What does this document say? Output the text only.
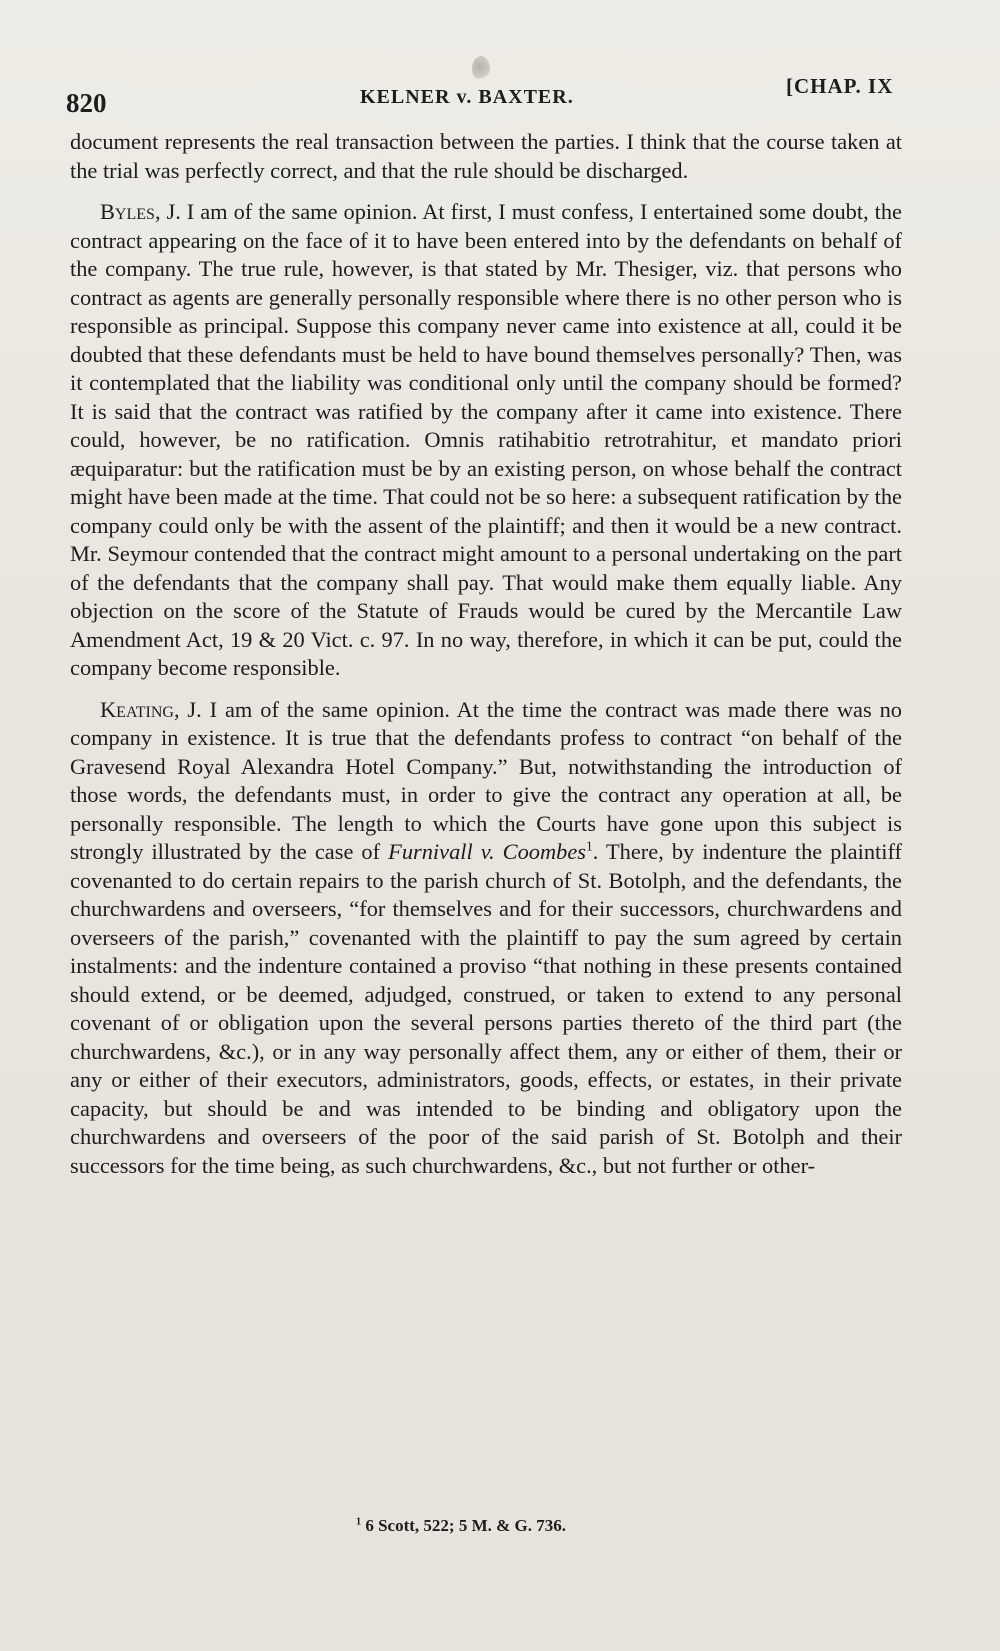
820	KELNER v. BAXTER.	[CHAP. IX

document represents the real transaction between the parties. I think that the course taken at the trial was perfectly correct, and that the rule should be discharged.

Byles, J. I am of the same opinion. At first, I must confess, I entertained some doubt, the contract appearing on the face of it to have been entered into by the defendants on behalf of the company. The true rule, however, is that stated by Mr. Thesiger, viz. that persons who contract as agents are generally personally responsible where there is no other person who is responsible as principal. Suppose this company never came into existence at all, could it be doubted that these defendants must be held to have bound themselves personally? Then, was it contemplated that the liability was conditional only until the company should be formed? It is said that the contract was ratified by the company after it came into existence. There could, however, be no ratification. Omnis ratihabitio retrotrahitur, et mandato priori æquiparatur: but the ratification must be by an existing person, on whose behalf the contract might have been made at the time. That could not be so here: a subsequent ratification by the company could only be with the assent of the plaintiff; and then it would be a new contract. Mr. Seymour contended that the contract might amount to a personal undertaking on the part of the defendants that the company shall pay. That would make them equally liable. Any objection on the score of the Statute of Frauds would be cured by the Mercantile Law Amendment Act, 19 & 20 Vict. c. 97. In no way, therefore, in which it can be put, could the company become responsible.

Keating, J. I am of the same opinion. At the time the contract was made there was no company in existence. It is true that the defendants profess to contract “on behalf of the Gravesend Royal Alexandra Hotel Company.” But, notwithstanding the introduction of those words, the defendants must, in order to give the contract any operation at all, be personally responsible. The length to which the Courts have gone upon this subject is strongly illustrated by the case of Furnivall v. Coombes$^1$. There, by indenture the plaintiff covenanted to do certain repairs to the parish church of St. Botolph, and the defendants, the churchwardens and overseers, “for themselves and for their successors, churchwardens and overseers of the parish,” covenanted with the plaintiff to pay the sum agreed by certain instalments: and the indenture contained a proviso “that nothing in these presents contained should extend, or be deemed, adjudged, construed, or taken to extend to any personal covenant of or obligation upon the several persons parties thereto of the third part (the churchwardens, &c.), or in any way personally affect them, any or either of them, their or any or either of their executors, administrators, goods, effects, or estates, in their private capacity, but should be and was intended to be binding and obligatory upon the churchwardens and overseers of the poor of the said parish of St. Botolph and their successors for the time being, as such churchwardens, &c., but not further or other-

$^1$ 6 Scott, 522; 5 M. & G. 736.
